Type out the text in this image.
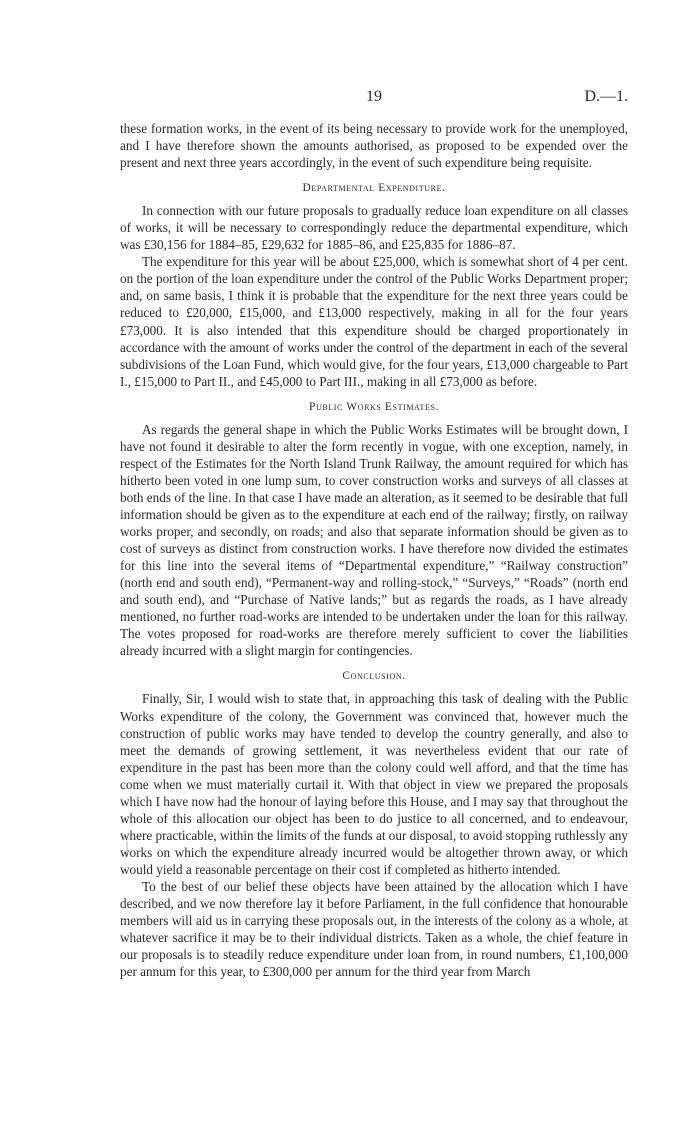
19	D.—1.

these formation works, in the event of its being necessary to provide work for the unemployed, and I have therefore shown the amounts authorised, as proposed to be expended over the present and next three years accordingly, in the event of such expenditure being requisite.

Departmental Expenditure.

In connection with our future proposals to gradually reduce loan expenditure on all classes of works, it will be necessary to correspondingly reduce the departmental expenditure, which was £30,156 for 1884–85, £29,632 for 1885–86, and £25,835 for 1886–87.

The expenditure for this year will be about £25,000, which is somewhat short of 4 per cent. on the portion of the loan expenditure under the control of the Public Works Department proper; and, on same basis, I think it is probable that the expenditure for the next three years could be reduced to £20,000, £15,000, and £13,000 respectively, making in all for the four years £73,000. It is also intended that this expenditure should be charged proportionately in accordance with the amount of works under the control of the department in each of the several subdivisions of the Loan Fund, which would give, for the four years, £13,000 chargeable to Part I., £15,000 to Part II., and £45,000 to Part III., making in all £73,000 as before.

Public Works Estimates.

As regards the general shape in which the Public Works Estimates will be brought down, I have not found it desirable to alter the form recently in vogue, with one exception, namely, in respect of the Estimates for the North Island Trunk Railway, the amount required for which has hitherto been voted in one lump sum, to cover construction works and surveys of all classes at both ends of the line. In that case I have made an alteration, as it seemed to be desirable that full information should be given as to the expenditure at each end of the railway; firstly, on railway works proper, and secondly, on roads; and also that separate information should be given as to cost of surveys as distinct from construction works. I have therefore now divided the estimates for this line into the several items of “Departmental expenditure,” “Railway construction” (north end and south end), “Permanent-way and rolling-stock,” “Surveys,” “Roads” (north end and south end), and “Purchase of Native lands;” but as regards the roads, as I have already mentioned, no further road-works are intended to be undertaken under the loan for this railway. The votes proposed for road-works are therefore merely sufficient to cover the liabilities already incurred with a slight margin for contingencies.

Conclusion.

Finally, Sir, I would wish to state that, in approaching this task of dealing with the Public Works expenditure of the colony, the Government was convinced that, however much the construction of public works may have tended to develop the country generally, and also to meet the demands of growing settlement, it was nevertheless evident that our rate of expenditure in the past has been more than the colony could well afford, and that the time has come when we must materially curtail it. With that object in view we prepared the proposals which I have now had the honour of laying before this House, and I may say that throughout the whole of this allocation our object has been to do justice to all concerned, and to endeavour, where practicable, within the limits of the funds at our disposal, to avoid stopping ruthlessly any works on which the expenditure already incurred would be altogether thrown away, or which would yield a reasonable percentage on their cost if completed as hitherto intended.

To the best of our belief these objects have been attained by the allocation which I have described, and we now therefore lay it before Parliament, in the full confidence that honourable members will aid us in carrying these proposals out, in the interests of the colony as a whole, at whatever sacrifice it may be to their individual districts. Taken as a whole, the chief feature in our proposals is to steadily reduce expenditure under loan from, in round numbers, £1,100,000 per annum for this year, to £300,000 per annum for the third year from March
